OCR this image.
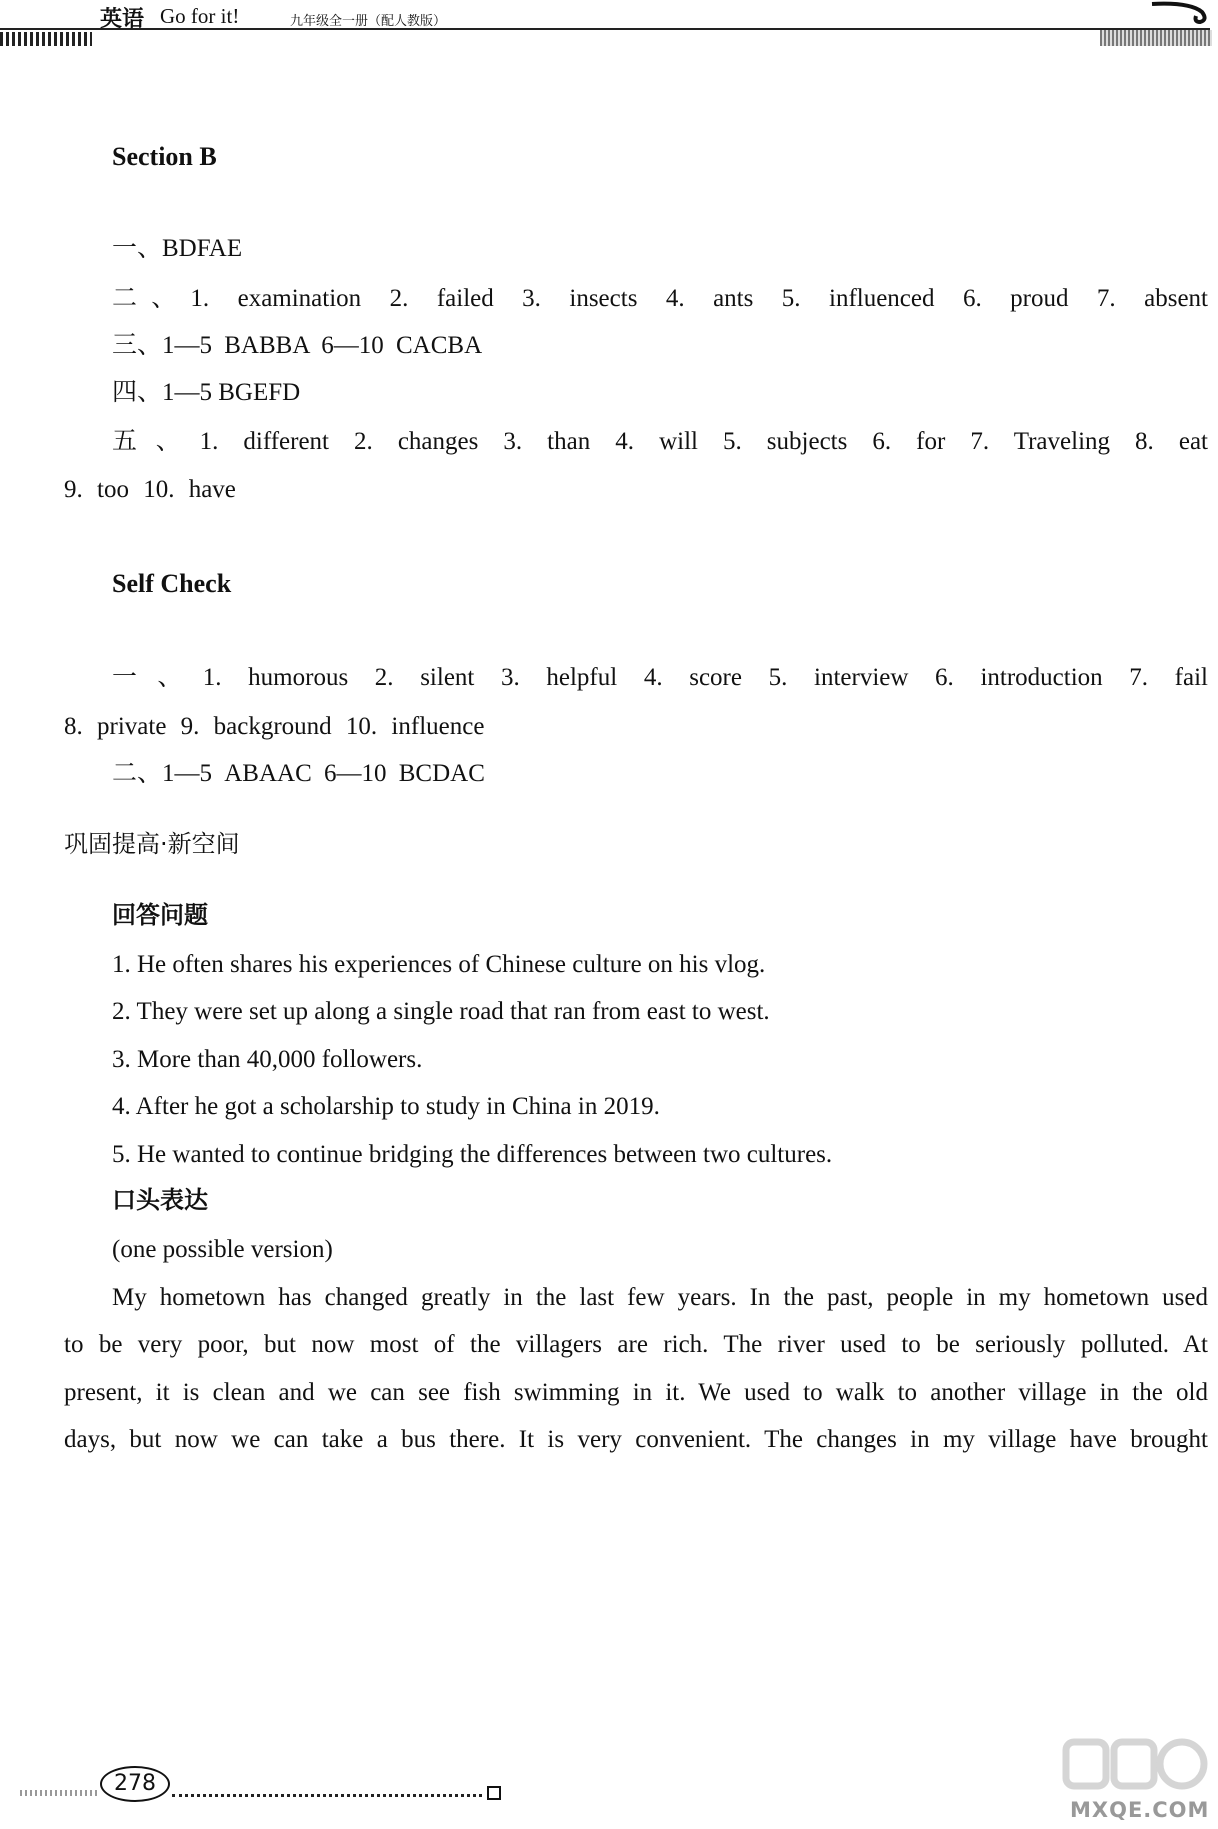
英语 Go for it!	九年级全一册（配人教版）
Section B
一、BDFAE
二、1. examination 2. failed 3. insects 4. ants 5. influenced 6. proud 7. absent
三、1—5 BABBA 6—10 CACBA
四、1—5 BGEFD
五、1. different 2. changes 3. than 4. will 5. subjects 6. for 7. Traveling 8. eat
9. too 10. have
Self Check
一、1. humorous 2. silent 3. helpful 4. score 5. interview 6. introduction 7. fail
8. private 9. background 10. influence
二、1—5 ABAAC 6—10 BCDAC
巩固提高·新空间
回答问题
1. He often shares his experiences of Chinese culture on his vlog.
2. They were set up along a single road that ran from east to west.
3. More than 40,000 followers.
4. After he got a scholarship to study in China in 2019.
5. He wanted to continue bridging the differences between two cultures.
口头表达
(one possible version)
My hometown has changed greatly in the last few years. In the past, people in my hometown used
to be very poor, but now most of the villagers are rich. The river used to be seriously polluted. At
present, it is clean and we can see fish swimming in it. We used to walk to another village in the old
days, but now we can take a bus there. It is very convenient. The changes in my village have brought
278
MXQE.COM
